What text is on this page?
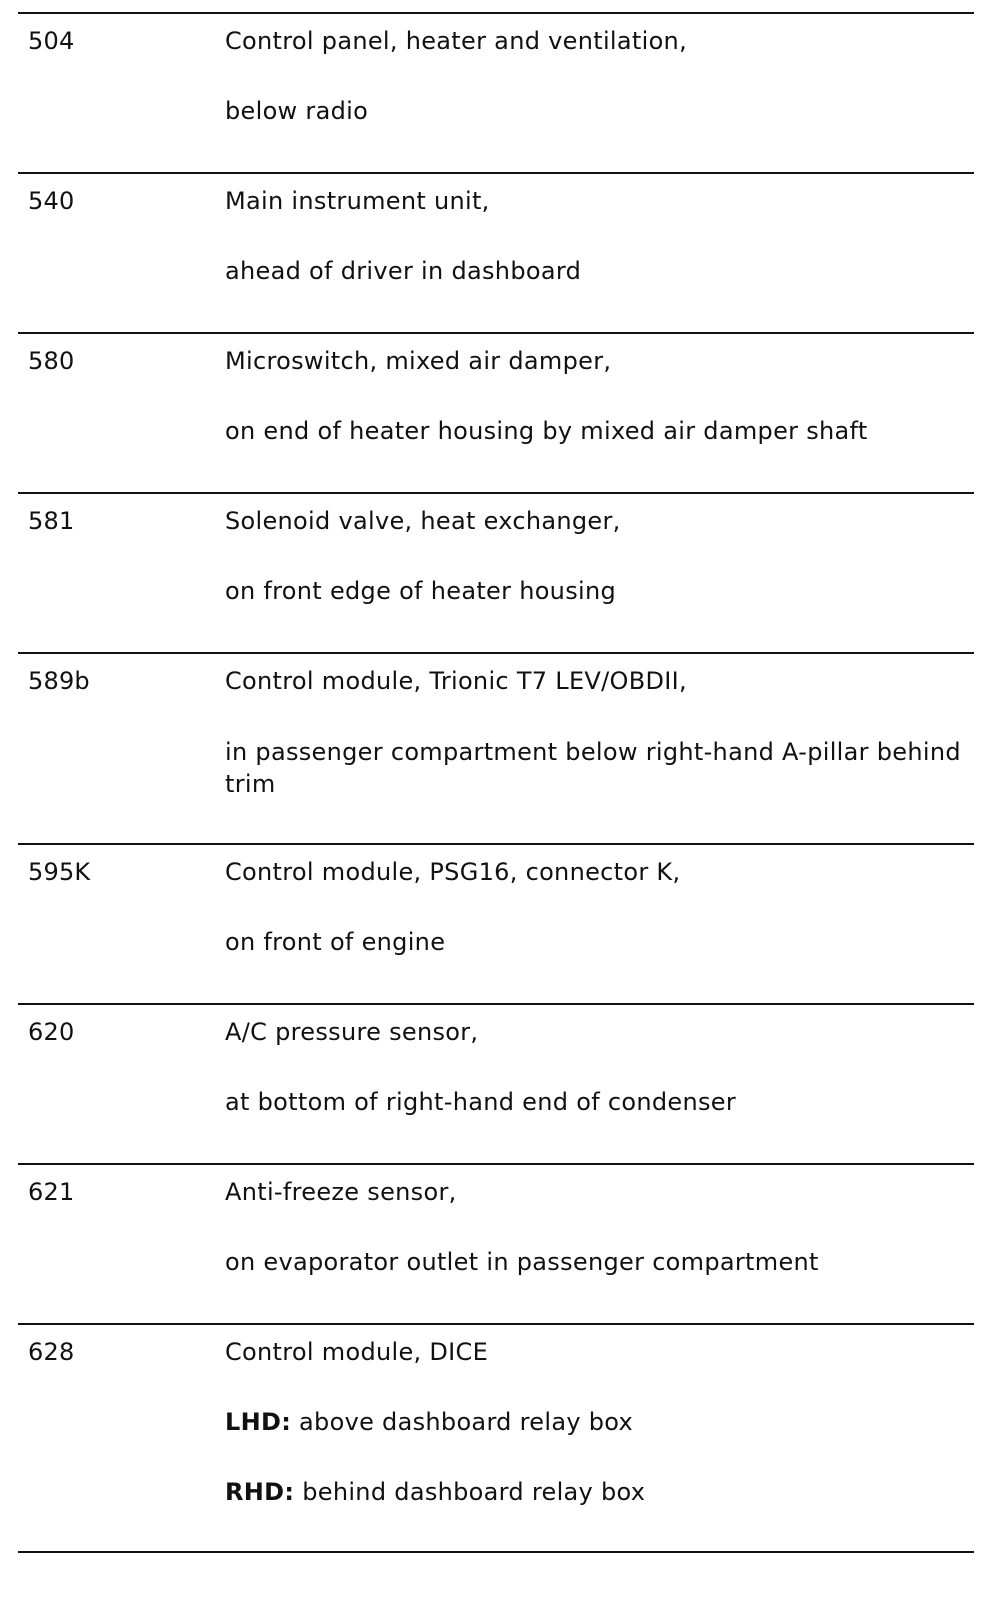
504	Control panel, heater and ventilation,
below radio
540	Main instrument unit,
ahead of driver in dashboard
580	Microswitch, mixed air damper,
on end of heater housing by mixed air damper shaft
581	Solenoid valve, heat exchanger,
on front edge of heater housing
589b	Control module, Trionic T7 LEV/OBDII,
in passenger compartment below right-hand A-pillar behind trim
595K	Control module, PSG16, connector K,
on front of engine
620	A/C pressure sensor,
at bottom of right-hand end of condenser
621	Anti-freeze sensor,
on evaporator outlet in passenger compartment
628	Control module, DICE
LHD: above dashboard relay box
RHD: behind dashboard relay box
